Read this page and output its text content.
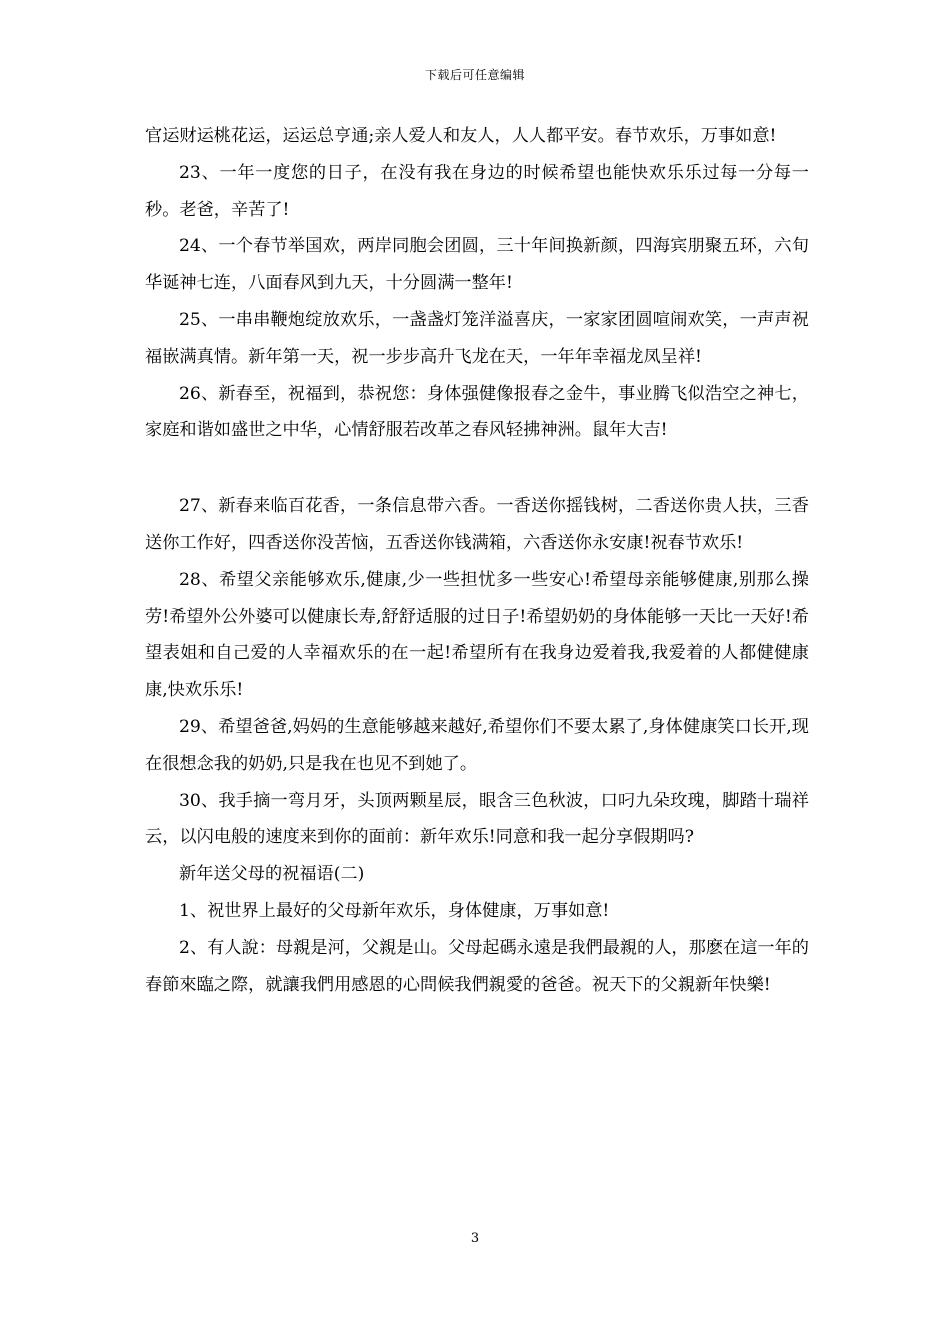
下载后可任意编辑

官运财运桃花运，运运总亨通;亲人爱人和友人，人人都平安。春节欢乐，万事如意!

23、一年一度您的日子，在没有我在身边的时候希望也能快欢乐乐过每一分每一秒。老爸，辛苦了!

24、一个春节举国欢，两岸同胞会团圆，三十年间换新颜，四海宾朋聚五环，六旬华诞神七连，八面春风到九天，十分圆满一整年!

25、一串串鞭炮绽放欢乐，一盏盏灯笼洋溢喜庆，一家家团圆喧闹欢笑，一声声祝福嵌满真情。新年第一天，祝一步步高升飞龙在天，一年年幸福龙凤呈祥!

26、新春至，祝福到，恭祝您：身体强健像报春之金牛，事业腾飞似浩空之神七，家庭和谐如盛世之中华，心情舒服若改革之春风轻拂神洲。鼠年大吉!

27、新春来临百花香，一条信息带六香。一香送你摇钱树，二香送你贵人扶，三香送你工作好，四香送你没苦恼，五香送你钱满箱，六香送你永安康!祝春节欢乐!

28、希望父亲能够欢乐,健康,少一些担忧多一些安心!希望母亲能够健康,别那么操劳!希望外公外婆可以健康长寿,舒舒适服的过日子!希望奶奶的身体能够一天比一天好!希望表姐和自己爱的人幸福欢乐的在一起!希望所有在我身边爱着我,我爱着的人都健健康康,快欢乐乐!

29、希望爸爸,妈妈的生意能够越来越好,希望你们不要太累了,身体健康笑口长开,现在很想念我的奶奶,只是我在也见不到她了。

30、我手摘一弯月牙，头顶两颗星辰，眼含三色秋波，口叼九朵玫瑰，脚踏十瑞祥云，以闪电般的速度来到你的面前：新年欢乐!同意和我一起分享假期吗?

新年送父母的祝福语(二)

1、祝世界上最好的父母新年欢乐，身体健康，万事如意!

2、有人說：母親是河，父親是山。父母起碼永遠是我們最親的人，那麽在這一年的春節來臨之際，就讓我們用感恩的心問候我們親愛的爸爸。祝天下的父親新年快樂!

3
